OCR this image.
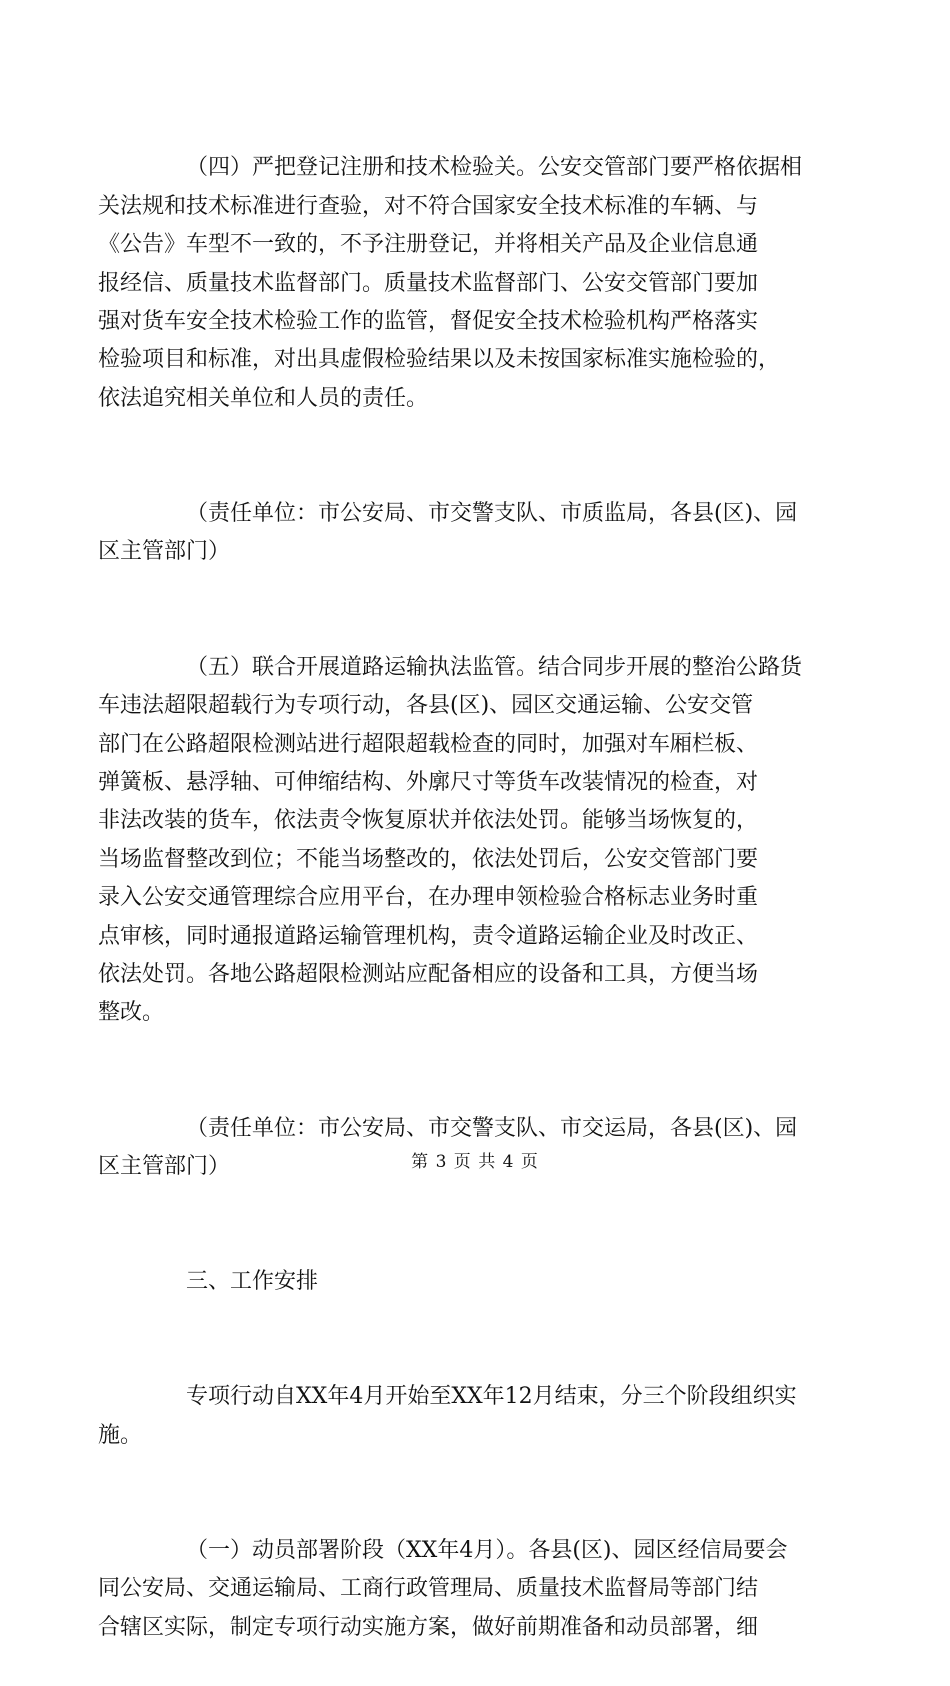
（四）严把登记注册和技术检验关。公安交管部门要严格依据相
关法规和技术标准进行查验，对不符合国家安全技术标准的车辆、与
《公告》车型不一致的，不予注册登记，并将相关产品及企业信息通
报经信、质量技术监督部门。质量技术监督部门、公安交管部门要加
强对货车安全技术检验工作的监管，督促安全技术检验机构严格落实
检验项目和标准，对出具虚假检验结果以及未按国家标准实施检验的，
依法追究相关单位和人员的责任。

（责任单位：市公安局、市交警支队、市质监局，各县(区)、园
区主管部门）

（五）联合开展道路运输执法监管。结合同步开展的整治公路货
车违法超限超载行为专项行动，各县(区)、园区交通运输、公安交管
部门在公路超限检测站进行超限超载检查的同时，加强对车厢栏板、
弹簧板、悬浮轴、可伸缩结构、外廓尺寸等货车改装情况的检查，对
非法改装的货车，依法责令恢复原状并依法处罚。能够当场恢复的，
当场监督整改到位；不能当场整改的，依法处罚后，公安交管部门要
录入公安交通管理综合应用平台，在办理申领检验合格标志业务时重
点审核，同时通报道路运输管理机构，责令道路运输企业及时改正、
依法处罚。各地公路超限检测站应配备相应的设备和工具，方便当场
整改。

（责任单位：市公安局、市交警支队、市交运局，各县(区)、园
区主管部门）

三、工作安排

专项行动自XX年4月开始至XX年12月结束，分三个阶段组织实
施。

（一）动员部署阶段（XX年4月）。各县(区)、园区经信局要会
同公安局、交通运输局、工商行政管理局、质量技术监督局等部门结
合辖区实际，制定专项行动实施方案，做好前期准备和动员部署，细

第 3 页 共 4 页
